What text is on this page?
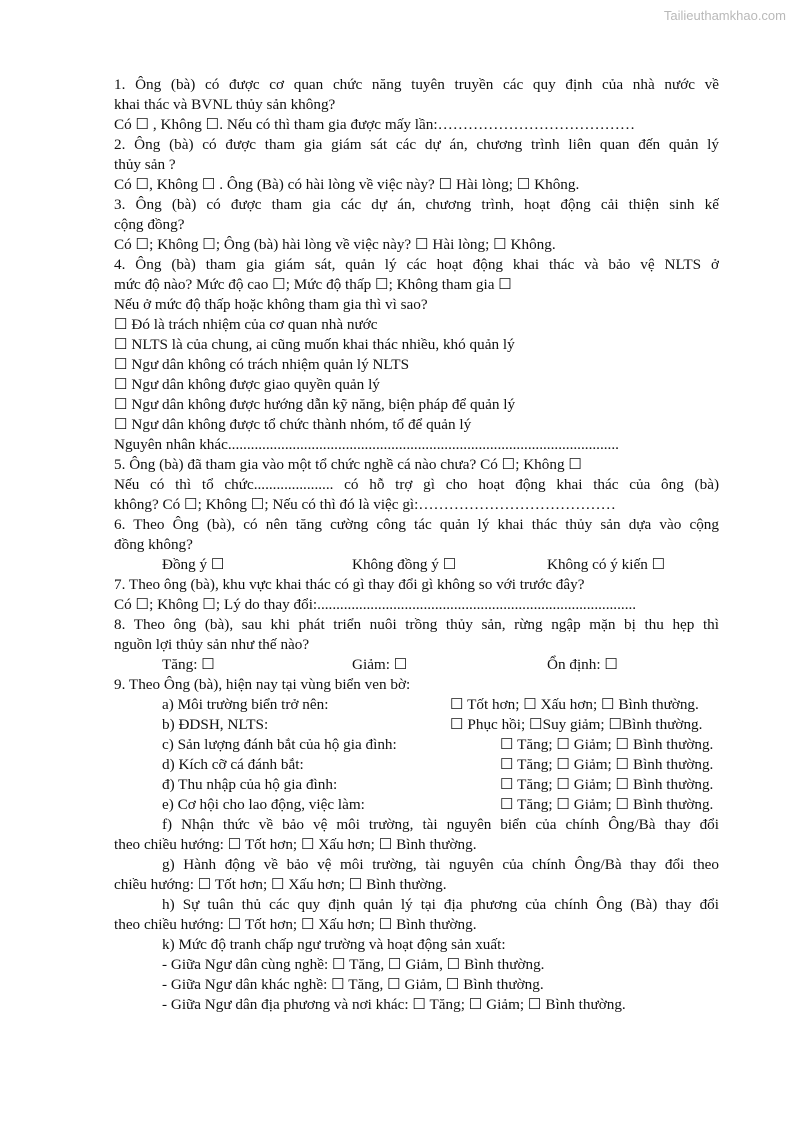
Tailieuthamkhao.com
1. Ông (bà) có được cơ quan chức năng tuyên truyền các quy định của nhà nước về
khai thác và BVNL thủy sản không?
Có ☐ , Không ☐. Nếu có thì tham gia được mấy lần:…………………………………
2. Ông (bà) có được tham gia giám sát các dự án, chương trình liên quan đến quản lý
thủy sản ?
Có ☐, Không ☐ . Ông (Bà) có hài lòng về việc này? ☐ Hài lòng; ☐ Không.
3. Ông (bà) có được tham gia các dự án, chương trình, hoạt động cải thiện sinh kế
cộng đồng?
Có ☐; Không ☐; Ông (bà) hài lòng về việc này? ☐ Hài lòng; ☐ Không.
4. Ông (bà) tham gia giám sát, quản lý các hoạt động khai thác và bảo vệ NLTS ở
mức độ nào? Mức độ cao ☐; Mức độ thấp ☐; Không tham gia ☐
Nếu ở mức độ thấp hoặc không tham gia thì vì sao?
☐ Đó là trách nhiệm của cơ quan nhà nước
☐ NLTS là của chung, ai cũng muốn khai thác nhiều, khó quản lý
☐ Ngư dân không có trách nhiệm quản lý NLTS
☐ Ngư dân không được giao quyền quản lý
☐ Ngư dân không được hướng dẫn kỹ năng, biện pháp để quản lý
☐ Ngư dân không được tổ chức thành nhóm, tổ để quản lý
Nguyên nhân khác.......................................................................................................
5. Ông (bà) đã tham gia vào một tổ chức nghề cá nào chưa? Có ☐; Không ☐
Nếu có thì tổ chức..................... có hỗ trợ gì cho hoạt động khai thác của ông (bà)
không? Có ☐; Không ☐; Nếu có thì đó là việc gì:…………………………………
6. Theo Ông (bà), có nên tăng cường công tác quản lý khai thác thủy sản dựa vào cộng
đồng không?
Đồng ý ☐	Không đồng ý ☐	Không có ý kiến ☐
7. Theo ông (bà), khu vực khai thác có gì thay đổi gì không so với trước đây?
Có ☐; Không ☐; Lý do thay đổi:....................................................................................
8. Theo ông (bà), sau khi phát triển nuôi trồng thủy sản, rừng ngập mặn bị thu hẹp thì
nguồn lợi thủy sản như thế nào?
Tăng: ☐	Giảm: ☐	Ổn định: ☐
9. Theo Ông (bà), hiện nay tại vùng biển ven bờ:
a) Môi trường biển trở nên:	☐ Tốt hơn; ☐ Xấu hơn; ☐ Bình thường.
b) ĐDSH, NLTS:	☐ Phục hồi; ☐Suy giảm; ☐Bình thường.
c) Sản lượng đánh bắt của hộ gia đình:	☐ Tăng; ☐ Giảm; ☐ Bình thường.
d) Kích cỡ cá đánh bắt:	☐ Tăng; ☐ Giảm; ☐ Bình thường.
đ) Thu nhập của hộ gia đình:	☐ Tăng; ☐ Giảm; ☐ Bình thường.
e) Cơ hội cho lao động, việc làm:	☐ Tăng; ☐ Giảm; ☐ Bình thường.
f) Nhận thức về bảo vệ môi trường, tài nguyên biển của chính Ông/Bà thay đổi
theo chiều hướng: ☐ Tốt hơn; ☐ Xấu hơn; ☐ Bình thường.
g) Hành động về bảo vệ môi trường, tài nguyên của chính Ông/Bà thay đổi theo
chiều hướng: ☐ Tốt hơn; ☐ Xấu hơn; ☐ Bình thường.
h) Sự tuân thủ các quy định quản lý tại địa phương của chính Ông (Bà) thay đổi
theo chiều hướng: ☐ Tốt hơn; ☐ Xấu hơn; ☐ Bình thường.
k) Mức độ tranh chấp ngư trường và hoạt động sản xuất:
- Giữa Ngư dân cùng nghề: ☐ Tăng, ☐ Giảm, ☐ Bình thường.
- Giữa Ngư dân khác nghề: ☐ Tăng, ☐ Giảm, ☐ Bình thường.
- Giữa Ngư dân địa phương và nơi khác: ☐ Tăng; ☐ Giảm; ☐ Bình thường.
